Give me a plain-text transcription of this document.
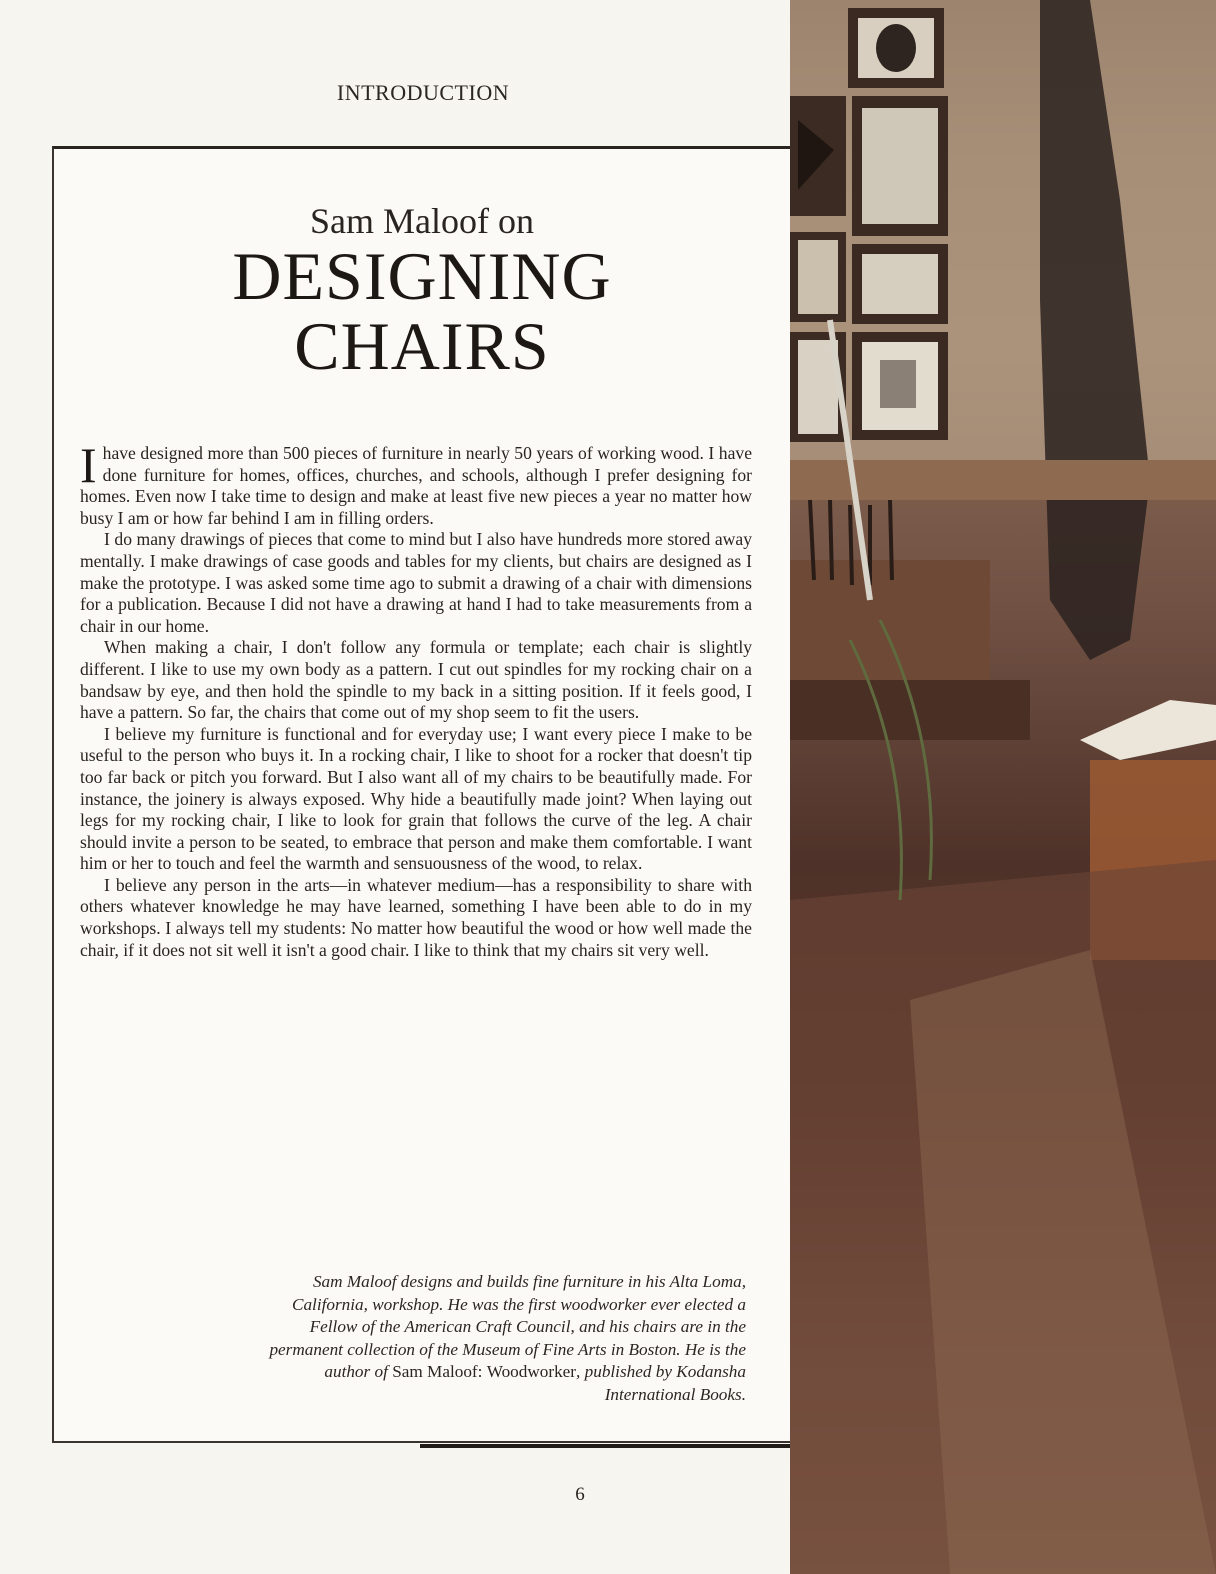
INTRODUCTION
Sam Maloof on
DESIGNING
CHAIRS

Ihave designed more than 500 pieces of furniture in nearly 50 years of working wood. I have done furniture for homes, offices, churches, and schools, although I prefer designing for homes. Even now I take time to design and make at least five new pieces a year no matter how busy I am or how far behind I am in filling orders.

I do many drawings of pieces that come to mind but I also have hundreds more stored away mentally. I make drawings of case goods and tables for my clients, but chairs are designed as I make the prototype. I was asked some time ago to submit a drawing of a chair with dimensions for a publication. Because I did not have a drawing at hand I had to take measurements from a chair in our home.

When making a chair, I don't follow any formula or template; each chair is slightly different. I like to use my own body as a pattern. I cut out spindles for my rocking chair on a bandsaw by eye, and then hold the spindle to my back in a sitting position. If it feels good, I have a pattern. So far, the chairs that come out of my shop seem to fit the users.

I believe my furniture is functional and for everyday use; I want every piece I make to be useful to the person who buys it. In a rocking chair, I like to shoot for a rocker that doesn't tip too far back or pitch you forward. But I also want all of my chairs to be beautifully made. For instance, the joinery is always exposed. Why hide a beautifully made joint? When laying out legs for my rocking chair, I like to look for grain that follows the curve of the leg. A chair should invite a person to be seated, to embrace that person and make them comfortable. I want him or her to touch and feel the warmth and sensuousness of the wood, to relax.

I believe any person in the arts—in whatever medium—has a responsibility to share with others whatever knowledge he may have learned, something I have been able to do in my workshops. I always tell my students: No matter how beautiful the wood or how well made the chair, if it does not sit well it isn't a good chair. I like to think that my chairs sit very well.

Sam Maloof designs and builds fine furniture in his Alta Loma, California, workshop. He was the first woodworker ever elected a Fellow of the American Craft Council, and his chairs are in the permanent collection of the Museum of Fine Arts in Boston. He is the author of Sam Maloof: Woodworker, published by Kodansha International Books.
6
